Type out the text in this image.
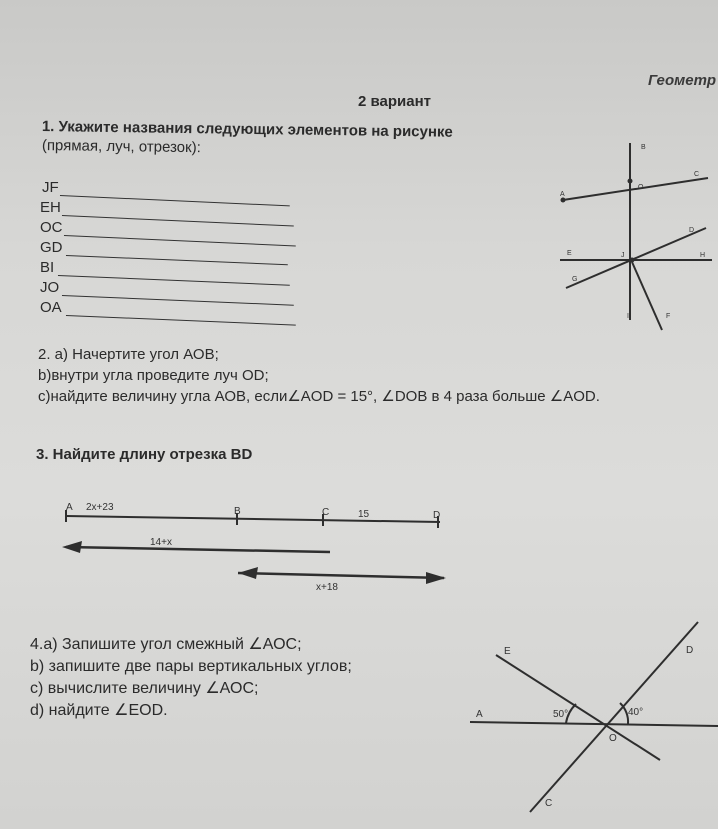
Геометр
2 вариант
1. Укажите названия следующих элементов на рисунке
(прямая, луч, отрезок):
JF
EH
OC
GD
BI
JO
OA
B
C
O
A
D
E	J	H
G
I	F
2. а) Начертите угол АОВ;
b)внутри угла проведите луч OD;
c)найдите величину угла АОВ, если∠AOD = 15°, ∠DOB в 4 раза больше ∠AOD.
3. Найдите длину отрезка BD
A 2x+23	B	C	15	D
14+x
x+18
4.а) Запишите угол смежный ∠АОС;
b) запишите две пары вертикальных углов;
c) вычислите величину ∠АОС;
d) найдите ∠ЕOD.
E	D
A	50°	40°
O
C
